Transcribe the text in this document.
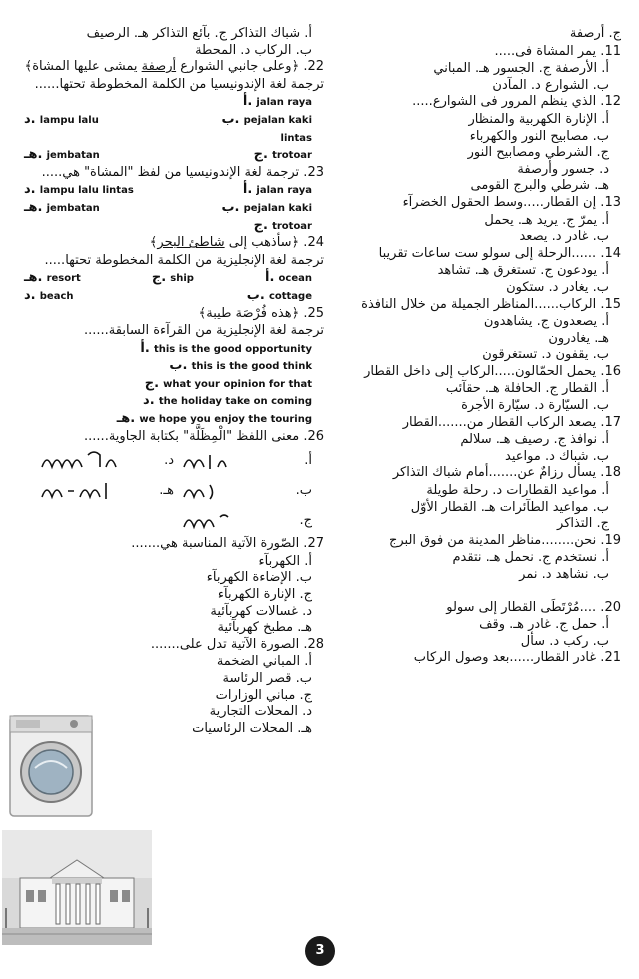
ج. أرصفة
11. يمر المشاة فى.....
أ. الأرصفة ج. الجسور هـ. المباني
ب. الشوارع د. المآدن
12. الذي ينظم المرور فى الشوارع.....
أ. الإنارة الكهربية والمنظار
ب. مصابيح النور والكهرباء
ج. الشرطي ومصابيح النور
د. جسور وأرصفة
هـ. شرطي والبرج القومى
13. إن القطار.....وسط الحقول الخضرآء
أ. يمرّ ج. يريد هـ. يحمل
ب. غادر د. يصعد
14. ......الرحلة إلى سولو ست ساعات تقريبا
أ. يودعون ج. تستغرق هـ. تشاهد
ب. يغادر د. ستكون
15. الركاب......المناظر الجميلة من خلال النافذة
أ. يصعدون ج. يشاهدون
هـ. يغادرون
ب. يقفون د. تستغرقون
16. يحمل الحمّالون.....الركاب إلى داخل القطار
أ. القطار ج. الحافلة هـ. حقآئب
ب. السيّارة د. سيّارة الأجرة
17. يصعد الركاب القطار من.......القطار
أ. نوافذ ج. رصيف هـ. سلالم
ب. شباك د. مواعيد
18. يسأل رزامٌ عن.......أمام شباك التذاكر
أ. مواعيد القطارات د. رحلة طويلة
ب. مواعيد الطآئرات هـ. القطار الأوّل
ج. التذاكر
19. نحن........مناظر المدينة من فوق البرج
أ. نستخدم ج. نحمل هـ. نتقدم
ب. نشاهد د. نمر
20. ....مُرْتَطَى القطار إلى سولو
أ. حمل ج. غادر هـ. وقف
ب. ركب د. سأل
21. غادر القطار......بعد وصول الركاب
أ. شباك التذاكر ج. بآئع التذاكر هـ. الرصيف
ب. الركاب د. المحطة
22. ﴿وعلى جانبي الشوارع أرصفة يمشى عليها المشاة﴾
ترجمة لغة الإندونيسيا من الكلمة المخطوطة تحتها......
أ. jalan raya
ب. pejalan kaki
د. lampu lalu
lintas
ج. trotoar
هـ. jembatan
23. ترجمة لغة الإندونيسيا من لفظ "المشاة" هي.....
أ. jalan raya
د. lampu lalu lintas
ب. pejalan kaki
هـ. jembatan
ج. trotoar
24. ﴿سأذهب إلى شاطئ البحر﴾
ترجمة لغة الإنجليزية من الكلمة المخطوطة تحتها.....
أ. ocean
ج. ship
هـ. resort
ب. cottage
د. beach
25. ﴿هذه فُرْصَة طيبة﴾
ترجمة لغة الإنجليزية من القرآءة السابقة......
أ. this is the good opportunity
ب. this is the good think
ج. what your opinion for that
د. the holiday take on coming
هـ. we hope you enjoy the touring
26. معنى اللفظ "الْمِظَلَّة" بكتابة الجاوية......
أ.
د.
ب.
هـ.
ج.
27. الصّورة الآتية المناسبة هي.......
أ. الكهربآء
ب. الإضاءة الكهربآء
ج. الإنارة الكهربآء
د. غسالات كهربآئية
هـ. مطبخ كهربآئية
28. الصورة الآتية تدل على.......
أ. المباني الضخمة
ب. قصر الرئاسة
ج. مباني الوزارات
د. المحلات التجارية
هـ. المحلات الرئاسيات
3
